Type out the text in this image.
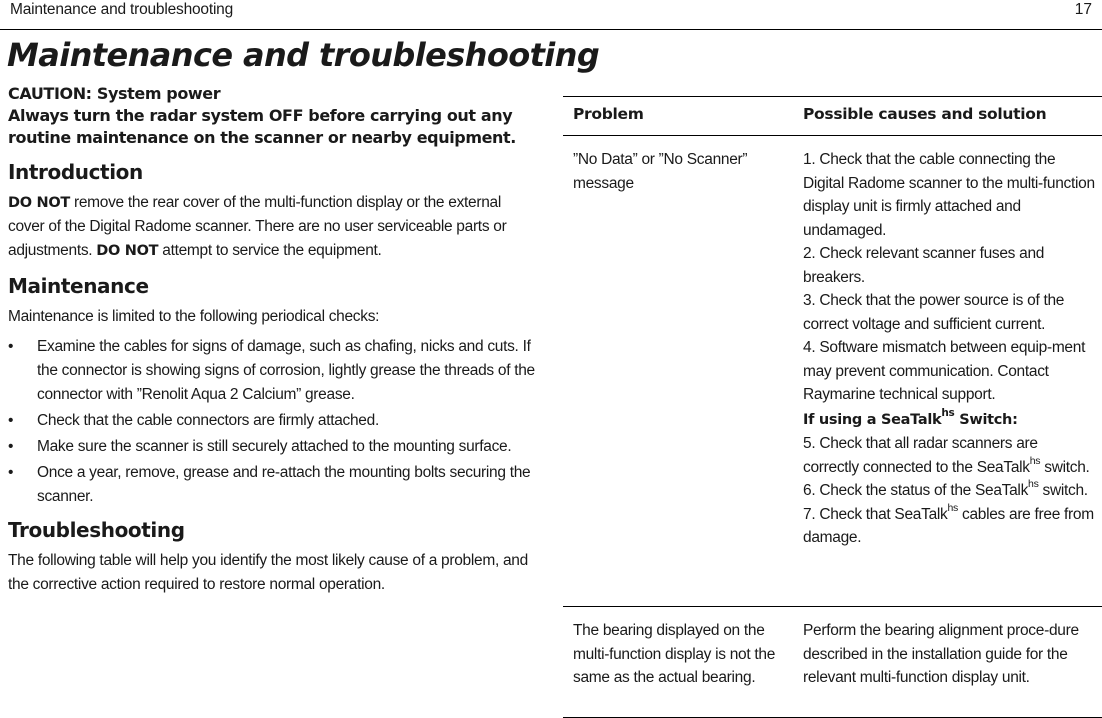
Maintenance and troubleshooting	17
Maintenance and troubleshooting

CAUTION: System power

Always turn the radar system OFF before carrying out any routine maintenance on the scanner or nearby equipment.

Introduction

DO NOT remove the rear cover of the multi-function display or the external cover of the Digital Radome scanner. There are no user serviceable parts or adjustments. DO NOT attempt to service the equipment.

Maintenance

Maintenance is limited to the following periodical checks:

• Examine the cables for signs of damage, such as chafing, nicks and cuts. If the connector is showing signs of corrosion, lightly grease the threads of the connector with ”Renolit Aqua 2 Calcium” grease.
• Check that the cable connectors are firmly attached.
• Make sure the scanner is still securely attached to the mounting surface.
• Once a year, remove, grease and re-attach the mounting bolts securing the scanner.
Troubleshooting

The following table will help you identify the most likely cause of a problem, and the corrective action required to restore normal operation.

Problem	Possible causes and solution
”No Data” or ”No Scanner” message

1. Check that the cable connecting the Digital Radome scanner to the multi-function display unit is firmly attached and undamaged.

2. Check relevant scanner fuses and breakers.

3. Check that the power source is of the correct voltage and sufficient current.

4. Software mismatch between equip-ment may prevent communication. Contact Raymarine technical support.

If using a SeaTalk$^{hs}$ Switch:

5. Check that all radar scanners are correctly connected to the SeaTalk$^{hs}$ switch.

6. Check the status of the SeaTalk$^{hs}$ switch.

7. Check that SeaTalk$^{hs}$ cables are free from damage.

The bearing displayed on the multi-function display is not the same as the actual bearing.
Perform the bearing alignment proce-dure described in the installation guide for the relevant multi-function display unit.
